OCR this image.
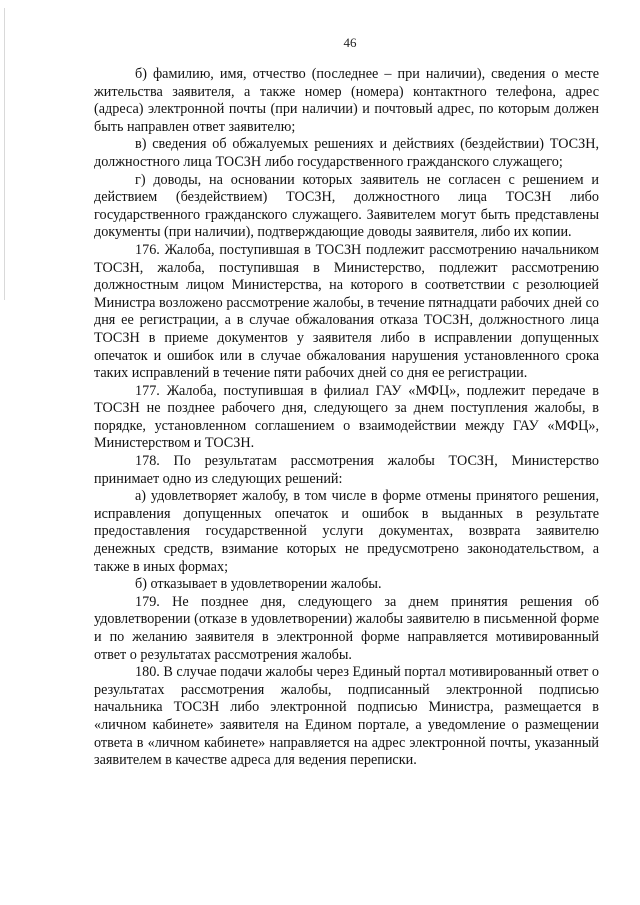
46

б) фамилию, имя, отчество (последнее – при наличии), сведения о месте жительства заявителя, а также номер (номера) контактного телефона, адрес (адреса) электронной почты (при наличии) и почтовый адрес, по которым должен быть направлен ответ заявителю;

в) сведения об обжалуемых решениях и действиях (бездействии) ТОСЗН, должностного лица ТОСЗН либо государственного гражданского служащего;

г) доводы, на основании которых заявитель не согласен с решением и действием (бездействием) ТОСЗН, должностного лица ТОСЗН либо государственного гражданского служащего. Заявителем могут быть представлены документы (при наличии), подтверждающие доводы заявителя, либо их копии.

176. Жалоба, поступившая в ТОСЗН подлежит рассмотрению начальником ТОСЗН, жалоба, поступившая в Министерство, подлежит рассмотрению должностным лицом Министерства, на которого в соответствии с резолюцией Министра возложено рассмотрение жалобы, в течение пятнадцати рабочих дней со дня ее регистрации, а в случае обжалования отказа ТОСЗН, должностного лица ТОСЗН в приеме документов у заявителя либо в исправлении допущенных опечаток и ошибок или в случае обжалования нарушения установленного срока таких исправлений в течение пяти рабочих дней со дня ее регистрации.

177. Жалоба, поступившая в филиал ГАУ «МФЦ», подлежит передаче в ТОСЗН не позднее рабочего дня, следующего за днем поступления жалобы, в порядке, установленном соглашением о взаимодействии между ГАУ «МФЦ», Министерством и ТОСЗН.

178. По результатам рассмотрения жалобы ТОСЗН, Министерство принимает одно из следующих решений:

а) удовлетворяет жалобу, в том числе в форме отмены принятого решения, исправления допущенных опечаток и ошибок в выданных в результате предоставления государственной услуги документах, возврата заявителю денежных средств, взимание которых не предусмотрено законодательством, а также в иных формах;

б) отказывает в удовлетворении жалобы.

179. Не позднее дня, следующего за днем принятия решения об удовлетворении (отказе в удовлетворении) жалобы заявителю в письменной форме и по желанию заявителя в электронной форме направляется мотивированный ответ о результатах рассмотрения жалобы.

180. В случае подачи жалобы через Единый портал мотивированный ответ о результатах рассмотрения жалобы, подписанный электронной подписью начальника ТОСЗН либо электронной подписью Министра, размещается в «личном кабинете» заявителя на Едином портале, а уведомление о размещении ответа в «личном кабинете» направляется на адрес электронной почты, указанный заявителем в качестве адреса для ведения переписки.
